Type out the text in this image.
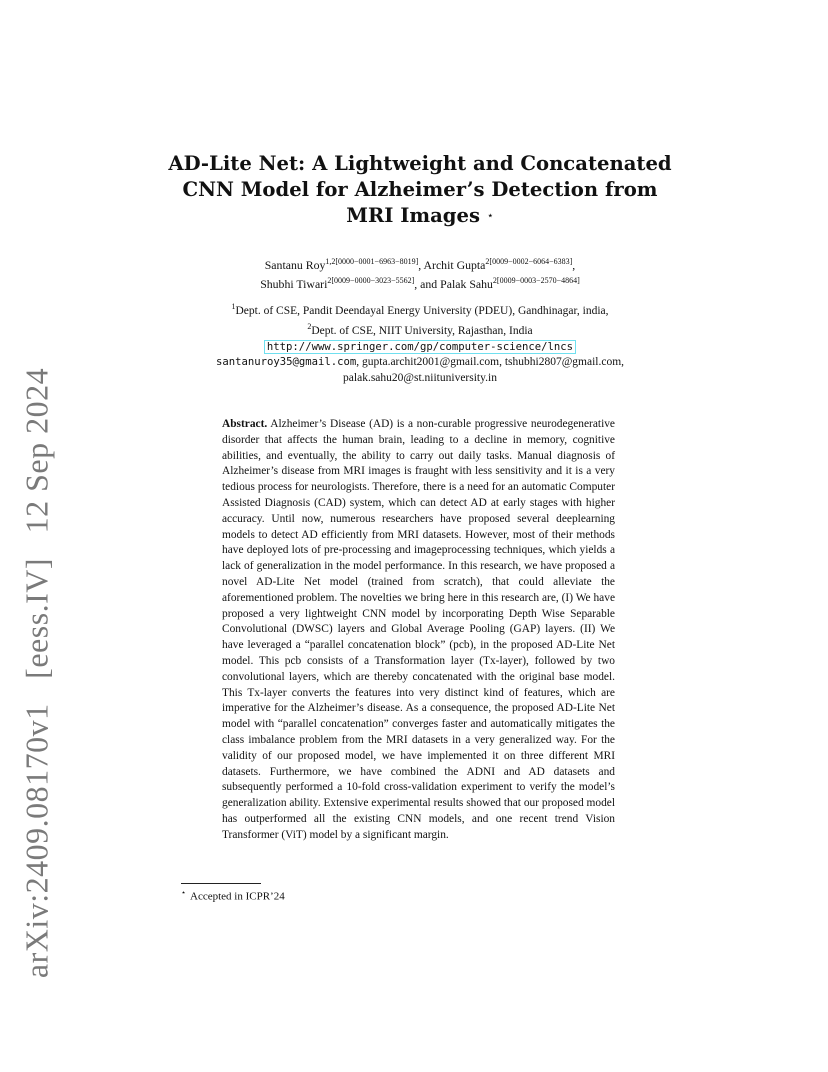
arXiv:2409.08170v1 [eess.IV] 12 Sep 2024
AD-Lite Net: A Lightweight and Concatenated
CNN Model for Alzheimer’s Detection from
MRI Images ⋆
Santanu Roy$^{1,2[0000-0001-6963-8019]}$, Archit Gupta$^{2[0009-0002-6064-6383]}$,
Shubhi Tiwari$^{2[0009-0000-3023-5562]}$, and Palak Sahu$^{2[0009-0003-2570-4864]}$
$^1$Dept. of CSE, Pandit Deendayal Energy University (PDEU), Gandhinagar, india,
$^2$Dept. of CSE, NIIT University, Rajasthan, India
http://www.springer.com/gp/computer-science/lncs
santanuroy35@gmail.com, gupta.archit2001@gmail.com, tshubhi2807@gmail.com,
palak.sahu20@st.niituniversity.in
Abstract. Alzheimer’s Disease (AD) is a non-curable progressive neurodegenerative disorder that affects the human brain, leading to a decline in memory, cognitive abilities, and eventually, the ability to carry out daily tasks. Manual diagnosis of Alzheimer’s disease from MRI images is fraught with less sensitivity and it is a very tedious process for neurologists. Therefore, there is a need for an automatic Computer Assisted Diagnosis (CAD) system, which can detect AD at early stages with higher accuracy. Until now, numerous researchers have proposed several deeplearning models to detect AD efficiently from MRI datasets. However, most of their methods have deployed lots of pre-processing and imageprocessing techniques, which yields a lack of generalization in the model performance. In this research, we have proposed a novel AD-Lite Net model (trained from scratch), that could alleviate the aforementioned problem. The novelties we bring here in this research are, (I) We have proposed a very lightweight CNN model by incorporating Depth Wise Separable Convolutional (DWSC) layers and Global Average Pooling (GAP) layers. (II) We have leveraged a “parallel concatenation block” (pcb), in the proposed AD-Lite Net model. This pcb consists of a Transformation layer (Tx-layer), followed by two convolutional layers, which are thereby concatenated with the original base model. This Tx-layer converts the features into very distinct kind of features, which are imperative for the Alzheimer’s disease. As a consequence, the proposed AD-Lite Net model with “parallel concatenation” converges faster and automatically mitigates the class imbalance problem from the MRI datasets in a very generalized way. For the validity of our proposed model, we have implemented it on three different MRI datasets. Furthermore, we have combined the ADNI and AD datasets and subsequently performed a 10-fold cross-validation experiment to verify the model’s generalization ability. Extensive experimental results showed that our proposed model has outperformed all the existing CNN models, and one recent trend Vision Transformer (ViT) model by a significant margin.
⋆ Accepted in ICPR’24
